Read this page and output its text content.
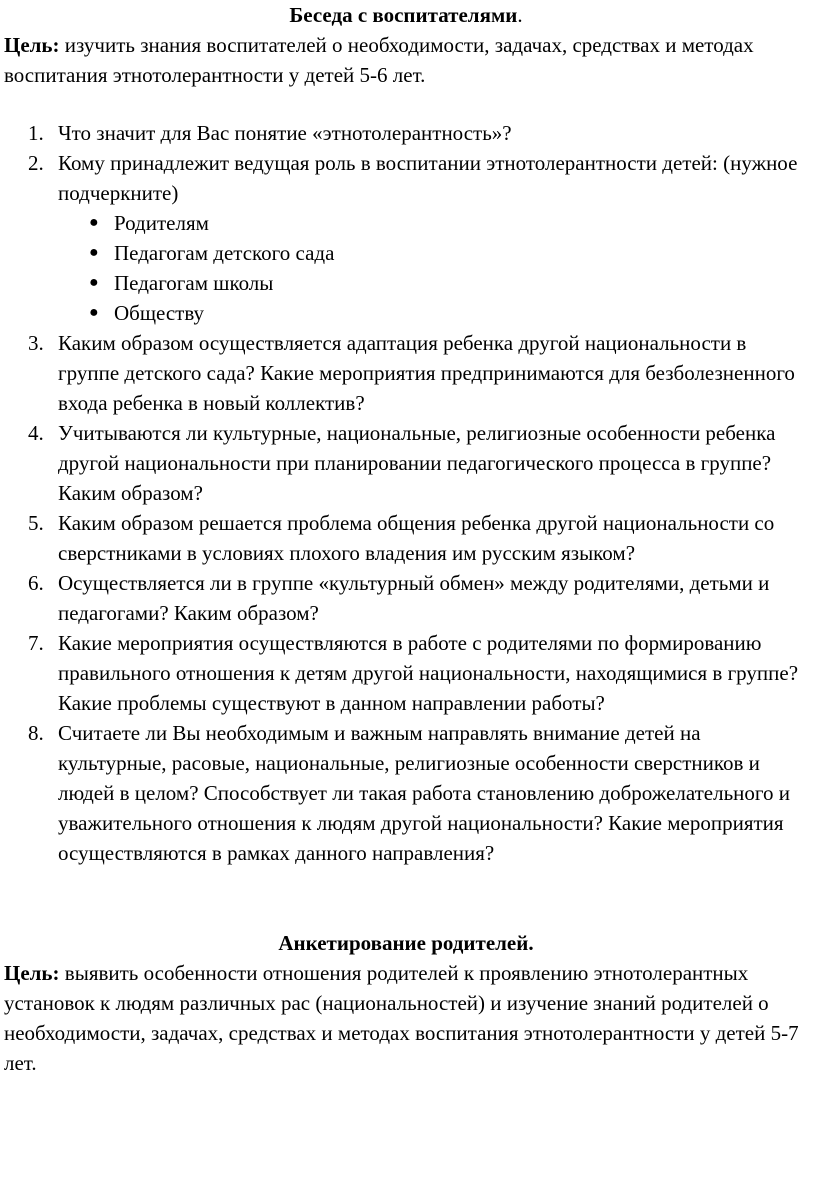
Беседа с воспитателями.

Цель: изучить знания воспитателей о необходимости, задачах, средствах и методах воспитания этнотолерантности у детей 5-6 лет.

1. Что значит для Вас понятие «этнотолерантность»?
2. Кому принадлежит ведущая роль в воспитании этнотолерантности детей: (нужное подчеркните)
● Родителям
● Педагогам детского сада
● Педагогам школы
● Обществу
3. Каким образом осуществляется адаптация ребенка другой национальности в группе детского сада? Какие мероприятия предпринимаются для безболезненного входа ребенка в новый коллектив?
4. Учитываются ли культурные, национальные, религиозные особенности ребенка другой национальности при планировании педагогического процесса в группе? Каким образом?
5. Каким образом решается проблема общения ребенка другой национальности со сверстниками в условиях плохого владения им русским языком?
6. Осуществляется ли в группе «культурный обмен» между родителями, детьми и педагогами? Каким образом?
7. Какие мероприятия осуществляются в работе с родителями по формированию правильного отношения к детям другой национальности, находящимися в группе? Какие проблемы существуют в данном направлении работы?
8. Считаете ли Вы необходимым и важным направлять внимание детей на культурные, расовые, национальные, религиозные особенности сверстников и людей в целом? Способствует ли такая работа становлению доброжелательного и уважительного отношения к людям другой национальности? Какие мероприятия осуществляются в рамках данного направления?

Анкетирование родителей.

Цель: выявить особенности отношения родителей к проявлению этнотолерантных установок к людям различных рас (национальностей) и изучение знаний родителей о необходимости, задачах, средствах и методах воспитания этнотолерантности у детей 5-7 лет.
